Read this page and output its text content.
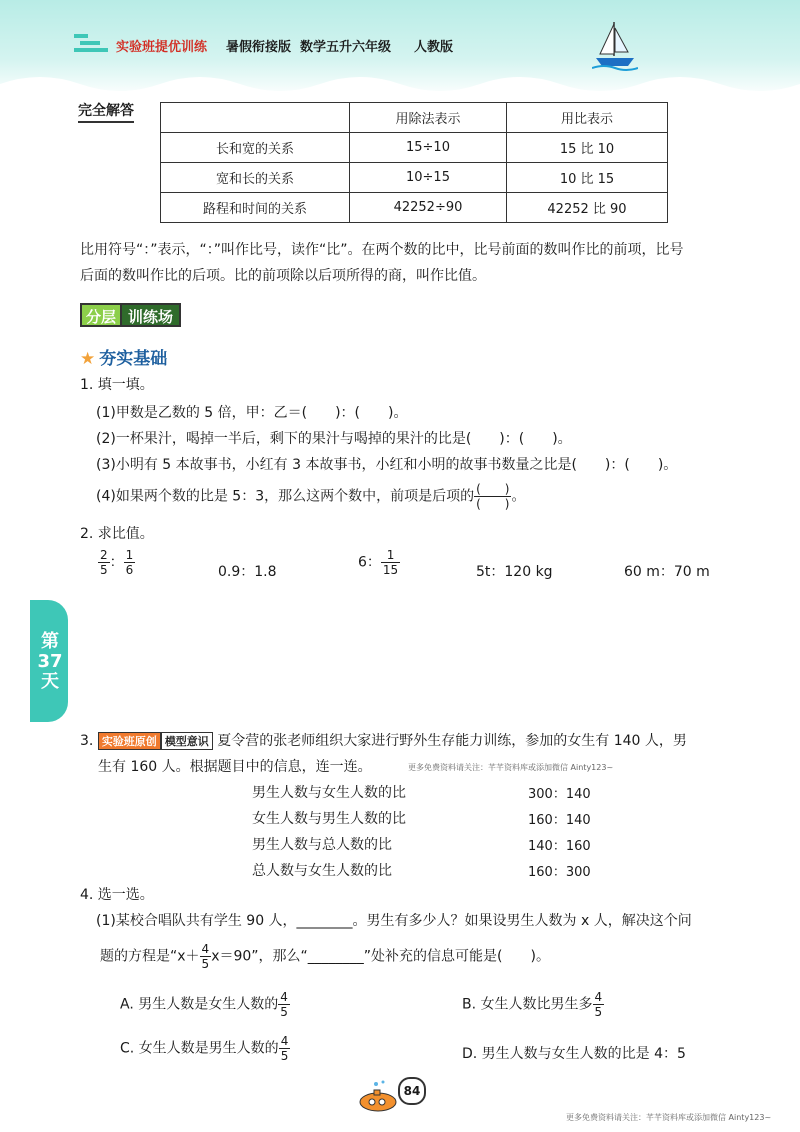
实验班提优训练 暑假衔接版 数学五升六年级 人教版
完全解答
	用除法表示	用比表示
长和宽的关系	15÷10	15 比 10
宽和长的关系	10÷15	10 比 15
路程和时间的关系	42252÷90	42252 比 90
比用符号“：”表示，“：”叫作比号，读作“比”。在两个数的比中，比号前面的数叫作比的前项，比号
后面的数叫作比的后项。比的前项除以后项所得的商，叫作比值。
分层 训练场
★ 夯实基础
1. 填一填。
(1)甲数是乙数的 5 倍，甲：乙＝(　　)：(　　)。
(2)一杯果汁，喝掉一半后，剩下的果汁与喝掉的果汁的比是(　　)：(　　)。
(3)小明有 5 本故事书，小红有 3 本故事书，小红和小明的故事书数量之比是(　　)：(　　)。
(4)如果两个数的比是 5：3，那么这两个数中，前项是后项的 $\frac{( )}{( )}$ 。
2. 求比值。
$\frac{2}{5}$ ： $\frac{1}{6}$	0.9：1.8
6： $\frac{1}{15}$	5t：120 kg	60 m：70 m
第37天
3. 实验班原创 模型意识 夏令营的张老师组织大家进行野外生存能力训练，参加的女生有 140 人，男
生有 160 人。根据题目中的信息，连一连。	更多免费资料请关注：芊芊资料库或添加微信 Ainty123~
男生人数与女生人数的比
女生人数与男生人数的比
男生人数与总人数的比
总人数与女生人数的比
300：140
160：140
140：160
160：300
4. 选一选。
(1)某校合唱队共有学生 90 人，________。男生有多少人？如果设男生人数为 x 人，解决这个问
题的方程是“$x+ \frac{4}{5} x=90$”，那么“________”处补充的信息可能是(　　)。
A. 男生人数是女生人数的 $\frac{4}{5}$	B. 女生人数比男生多 $\frac{4}{5}$
C. 女生人数是男生人数的 $\frac{4}{5}$	D. 男生人数与女生人数的比是 4：5
84
更多免费资料请关注：芊芊资料库或添加微信 Ainty123~
